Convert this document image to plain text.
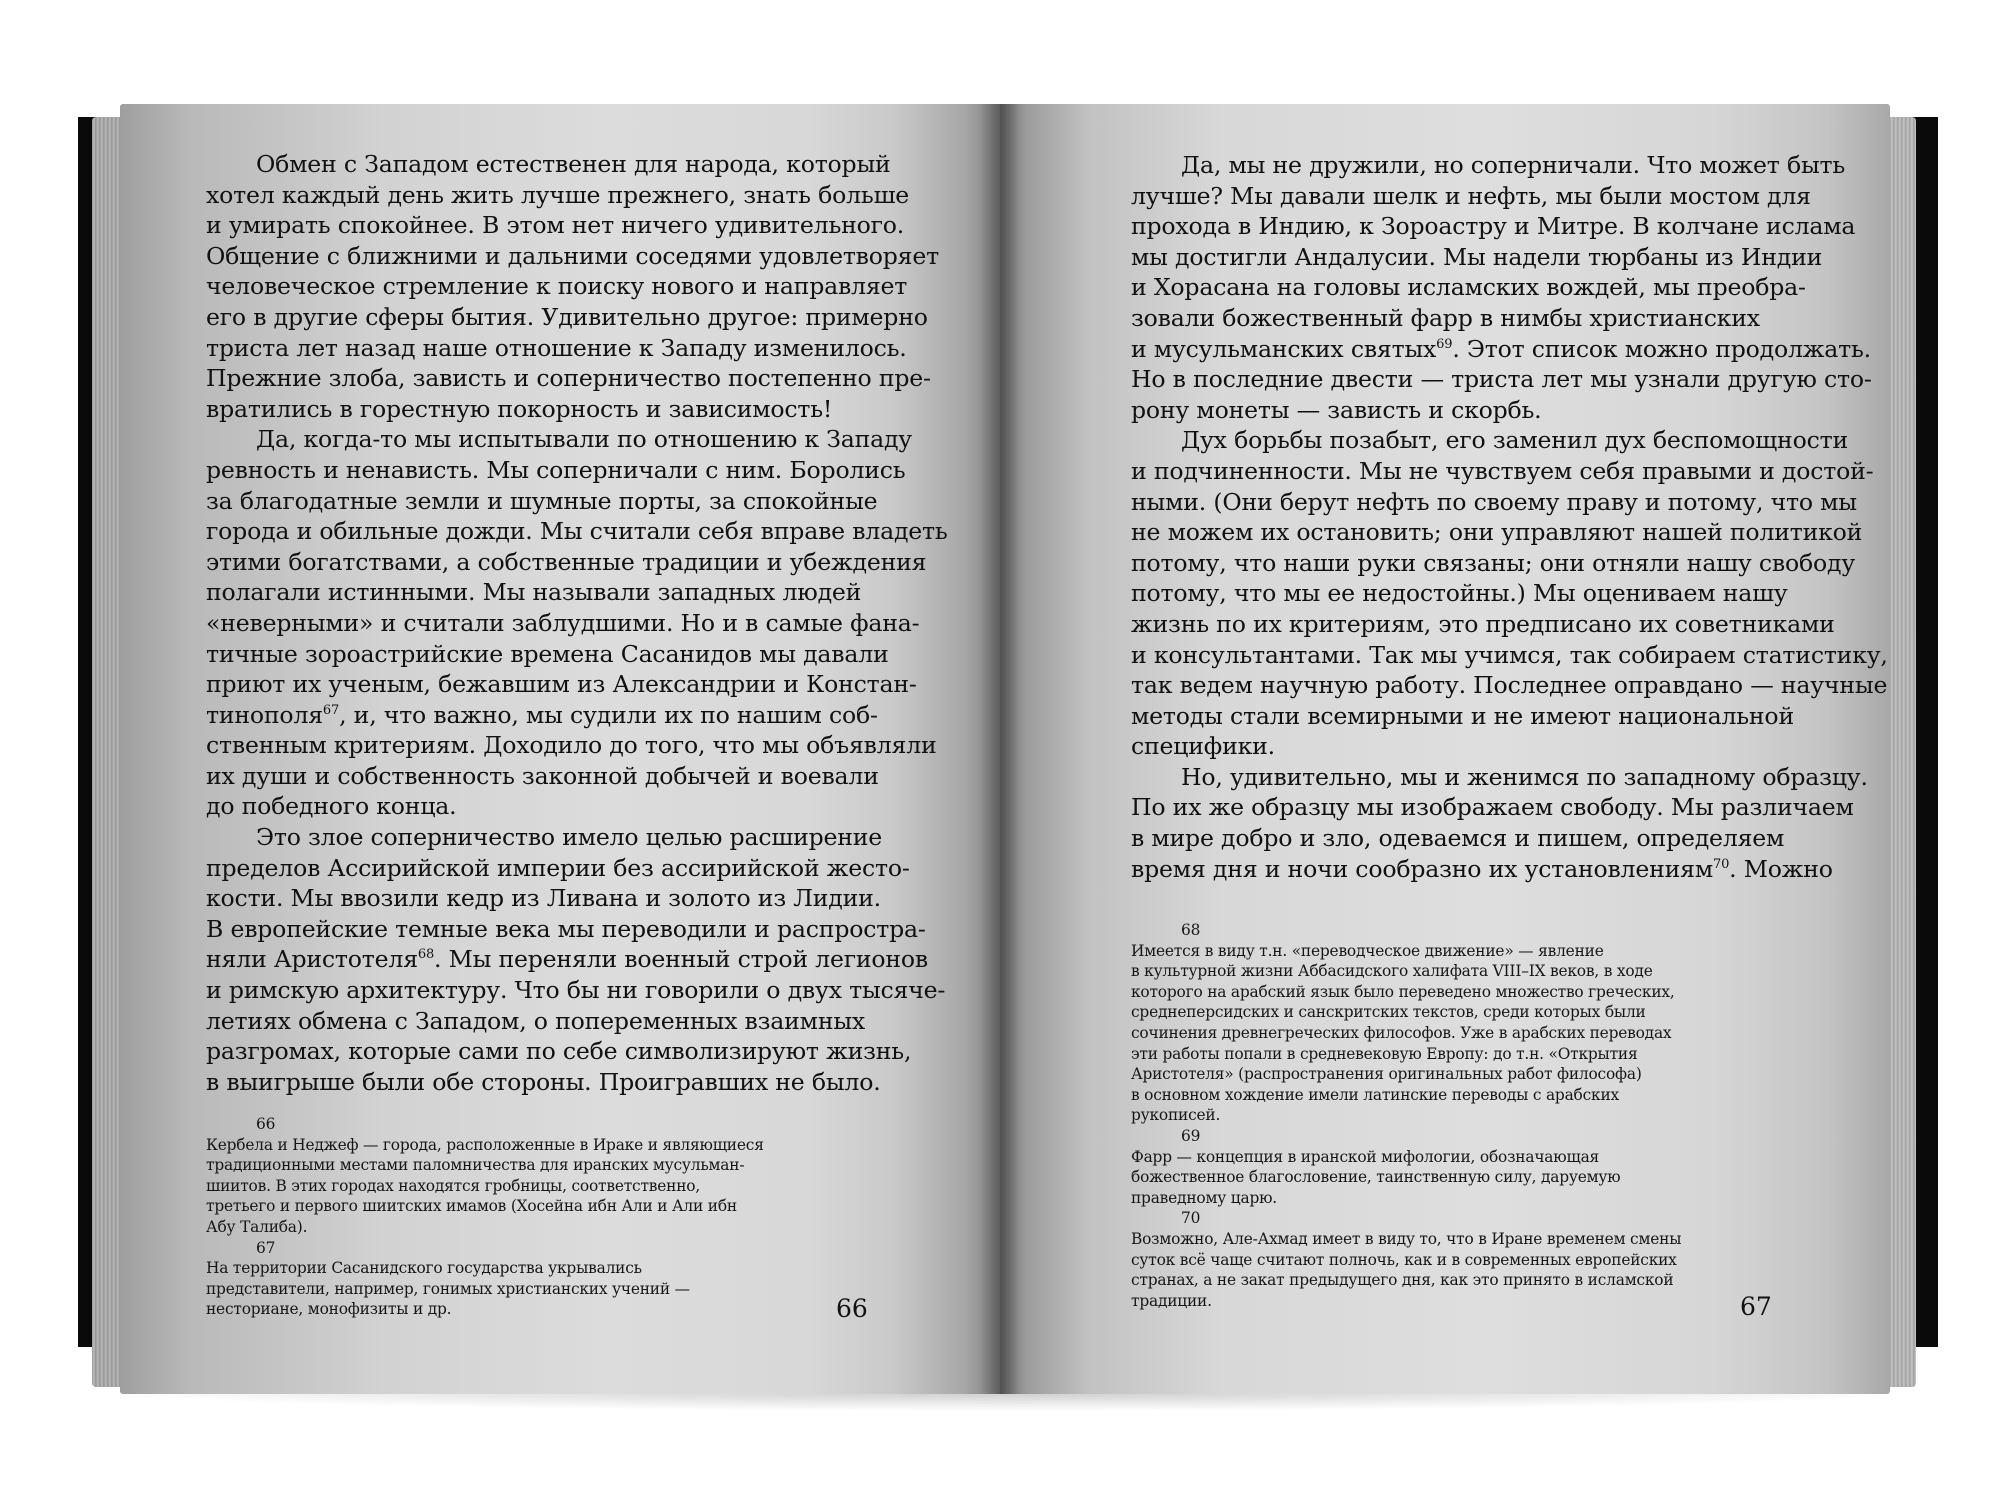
Обмен с Западом естественен для народа, который
хотел каждый день жить лучше прежнего, знать больше
и умирать спокойнее. В этом нет ничего удивительного.
Общение с ближними и дальними соседями удовлетворяет
человеческое стремление к поиску нового и направляет
его в другие сферы бытия. Удивительно другое: примерно
триста лет назад наше отношение к Западу изменилось.
Прежние злоба, зависть и соперничество постепенно пре-
вратились в горестную покорность и зависимость!
Да, когда-то мы испытывали по отношению к Западу
ревность и ненависть. Мы соперничали с ним. Боролись
за благодатные земли и шумные порты, за спокойные
города и обильные дожди. Мы считали себя вправе владеть
этими богатствами, а собственные традиции и убеждения
полагали истинными. Мы называли западных людей
«неверными» и считали заблудшими. Но и в самые фана-
тичные зороастрийские времена Сасанидов мы давали
приют их ученым, бежавшим из Александрии и Констан-
тинополя$^{67}$, и, что важно, мы судили их по нашим соб-
ственным критериям. Доходило до того, что мы объявляли
их души и собственность законной добычей и воевали
до победного конца.
Это злое соперничество имело целью расширение
пределов Ассирийской империи без ассирийской жесто-
кости. Мы ввозили кедр из Ливана и золото из Лидии.
В европейские темные века мы переводили и распростра-
няли Аристотеля$^{68}$. Мы переняли военный строй легионов
и римскую архитектуру. Что бы ни говорили о двух тысяче-
летиях обмена с Западом, о попеременных взаимных
разгромах, которые сами по себе символизируют жизнь,
в выигрыше были обе стороны. Проигравших не было.
66
Кербела и Неджеф — города, расположенные в Ираке и являющиеся
традиционными местами паломничества для иранских мусульман-
шиитов. В этих городах находятся гробницы, соответственно,
третьего и первого шиитских имамов (Хосейна ибн Али и Али ибн
Абу Талиба).
67
На территории Сасанидского государства укрывались
представители, например, гонимых христианских учений —
несториане, монофизиты и др.	66
Да, мы не дружили, но соперничали. Что может быть
лучше? Мы давали шелк и нефть, мы были мостом для
прохода в Индию, к Зороастру и Митре. В колчане ислама
мы достигли Андалусии. Мы надели тюрбаны из Индии
и Хорасана на головы исламских вождей, мы преобра-
зовали божественный фарр в нимбы христианских
и мусульманских святых$^{69}$. Этот список можно продолжать.
Но в последние двести — триста лет мы узнали другую сто-
рону монеты — зависть и скорбь.
Дух борьбы позабыт, его заменил дух беспомощности
и подчиненности. Мы не чувствуем себя правыми и достой-
ными. (Они берут нефть по своему праву и потому, что мы
не можем их остановить; они управляют нашей политикой
потому, что наши руки связаны; они отняли нашу свободу
потому, что мы ее недостойны.) Мы оцениваем нашу
жизнь по их критериям, это предписано их советниками
и консультантами. Так мы учимся, так собираем статистику,
так ведем научную работу. Последнее оправдано — научные
методы стали всемирными и не имеют национальной
специфики.
Но, удивительно, мы и женимся по западному образцу.
По их же образцу мы изображаем свободу. Мы различаем
в мире добро и зло, одеваемся и пишем, определяем
время дня и ночи сообразно их установлениям$^{70}$. Можно
68
Имеется в виду т.н. «переводческое движение» — явление
в культурной жизни Аббасидского халифата VIII–IX веков, в ходе
которого на арабский язык было переведено множество греческих,
среднеперсидских и санскритских текстов, среди которых были
сочинения древнегреческих философов. Уже в арабских переводах
эти работы попали в средневековую Европу: до т.н. «Открытия
Аристотеля» (распространения оригинальных работ философа)
в основном хождение имели латинские переводы с арабских
рукописей.
69
Фарр — концепция в иранской мифологии, обозначающая
божественное благословение, таинственную силу, даруемую
праведному царю.
70
Возможно, Але-Ахмад имеет в виду то, что в Иране временем смены
суток всё чаще считают полночь, как и в современных европейских
странах, а не закат предыдущего дня, как это принято в исламской
традиции.	67
